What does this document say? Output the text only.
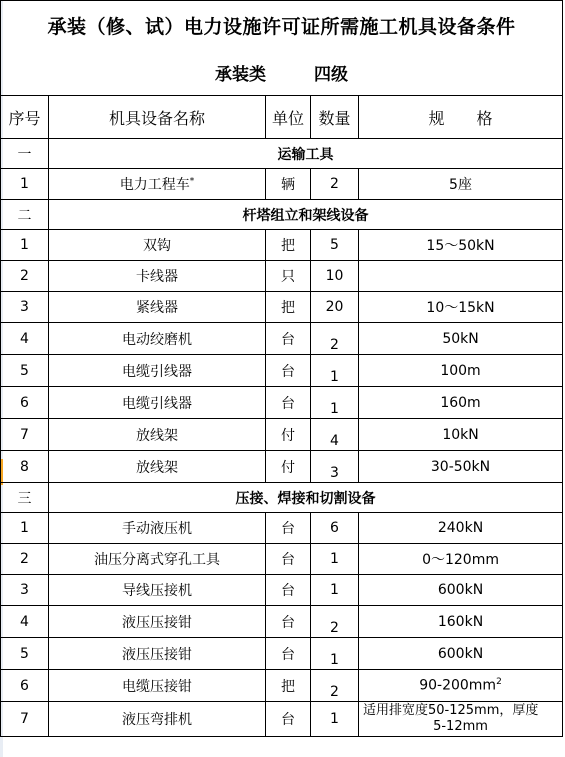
承装（修、试）电力设施许可证所需施工机具设备条件				
承装类 四级				
序号	机具设备名称	单位	数量	规　　格
一	运输工具			
1	电力工程车*	辆	2	5座
二	杆塔组立和架线设备			
1	双钩	把	5	15～50kN
2	卡线器	只	10	
3	紧线器	把	20	10～15kN
4	电动绞磨机	台	2	50kN
5	电缆引线器	台	1	100m
6	电缆引线器	台	1	160m
7	放线架	付	4	10kN
8	放线架	付	3	30-50kN
三	压接、焊接和切割设备			
1	手动液压机	台	6	240kN
2	油压分离式穿孔工具	台	1	0～120mm
3	导线压接机	台	1	600kN
4	液压压接钳	台	2	160kN
5	液压压接钳	台	1	600kN
6	电缆压接钳	把	2	$90-200mm^2$
7	液压弯排机	台	1	适用排宽度50-125mm，厚度
5-12mm
